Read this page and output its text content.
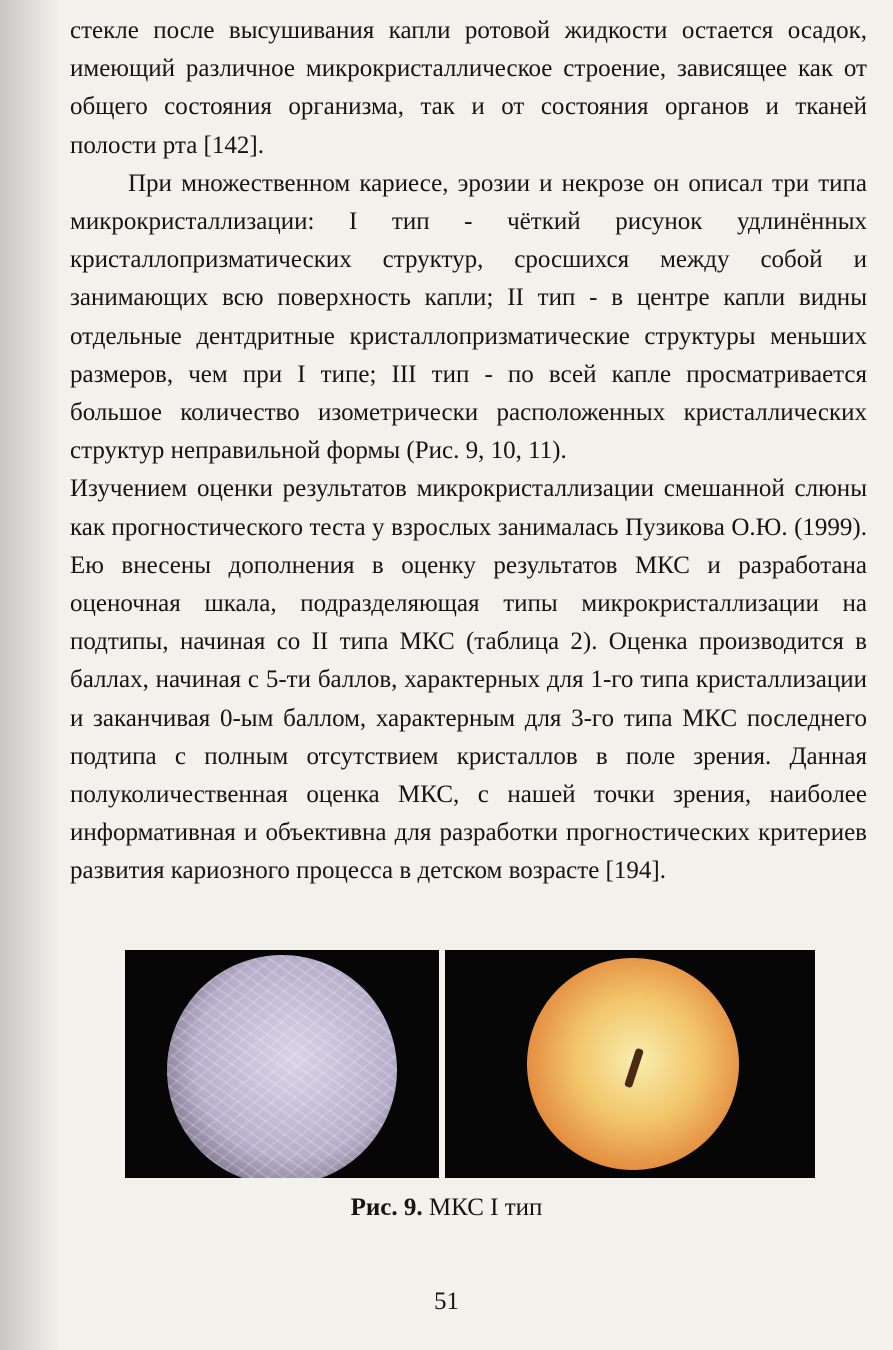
стекле после высушивания капли ротовой жидкости остается осадок, имеющий различное микрокристаллическое строение, зависящее как от общего состояния организма, так и от состояния органов и тканей полости рта [142].

При множественном кариесе, эрозии и некрозе он описал три типа микрокристаллизации: I тип - чёткий рисунок удлинённых кристаллопризматических структур, сросшихся между собой и занимающих всю поверхность капли; II тип - в центре капли видны отдельные дентдритные кристаллопризматические структуры меньших размеров, чем при I типе; III тип - по всей капле просматривается большое количество изометрически расположенных кристаллических структур неправильной формы (Рис. 9, 10, 11).

Изучением оценки результатов микрокристаллизации смешанной слюны как прогностического теста у взрослых занималась Пузикова О.Ю. (1999). Ею внесены дополнения в оценку результатов МКС и разработана оценочная шкала, подразделяющая типы микрокристаллизации на подтипы, начиная со II типа МКС (таблица 2). Оценка производится в баллах, начиная с 5-ти баллов, характерных для 1-го типа кристаллизации и заканчивая 0-ым баллом, характерным для 3-го типа МКС последнего подтипа с полным отсутствием кристаллов в поле зрения. Данная полуколичественная оценка МКС, с нашей точки зрения, наиболее информативная и объективна для разработки прогностических критериев развития кариозного процесса в детском возрасте [194].

Рис. 9. МКС I тип
51
